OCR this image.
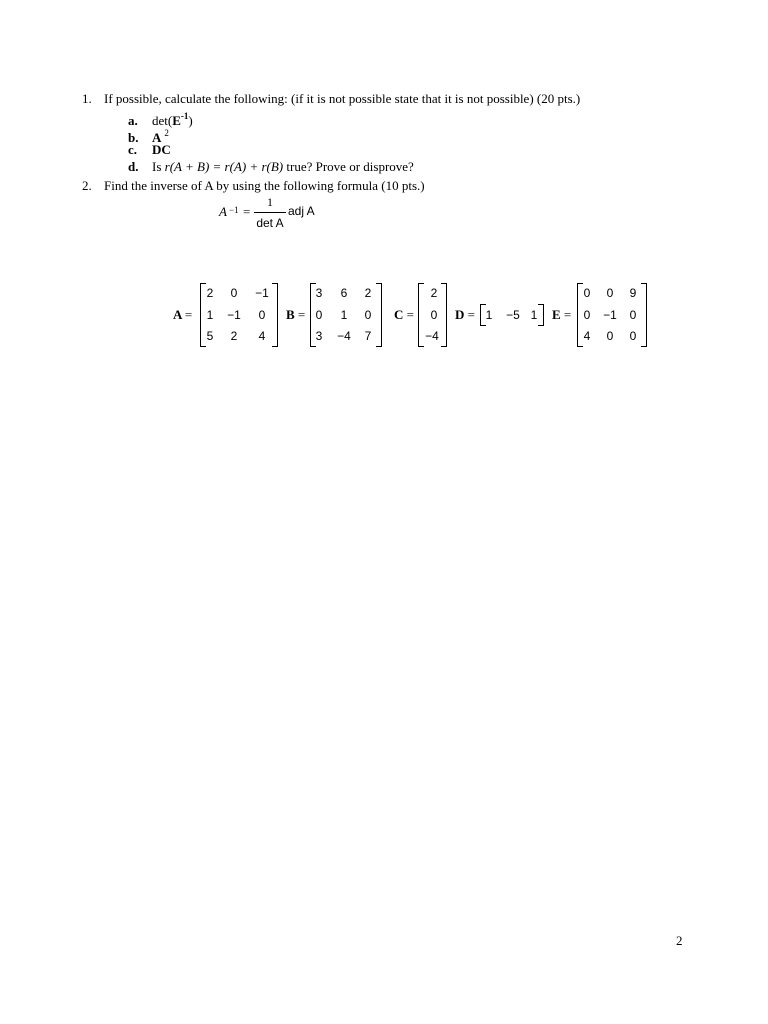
1. If possible, calculate the following: (if it is not possible state that it is not possible) (20 pts.)
a. $\det(E^{-1})$
b. A $^2$
c. DC
d. Is r(A + B) = r(A) + r(B) true? Prove or disprove?
2. Find the inverse of A by using the following formula (10 pts.)
A −1 =
1
det A
adj A
A =
2	0	−1
1	−1	0
5	2	4
B =
3	6	2
0	1	0
3	−4	7
C =
2
0
−4
D = 1	−5 1	E =
0	0	9
0	−1	0
4	0	0
2
